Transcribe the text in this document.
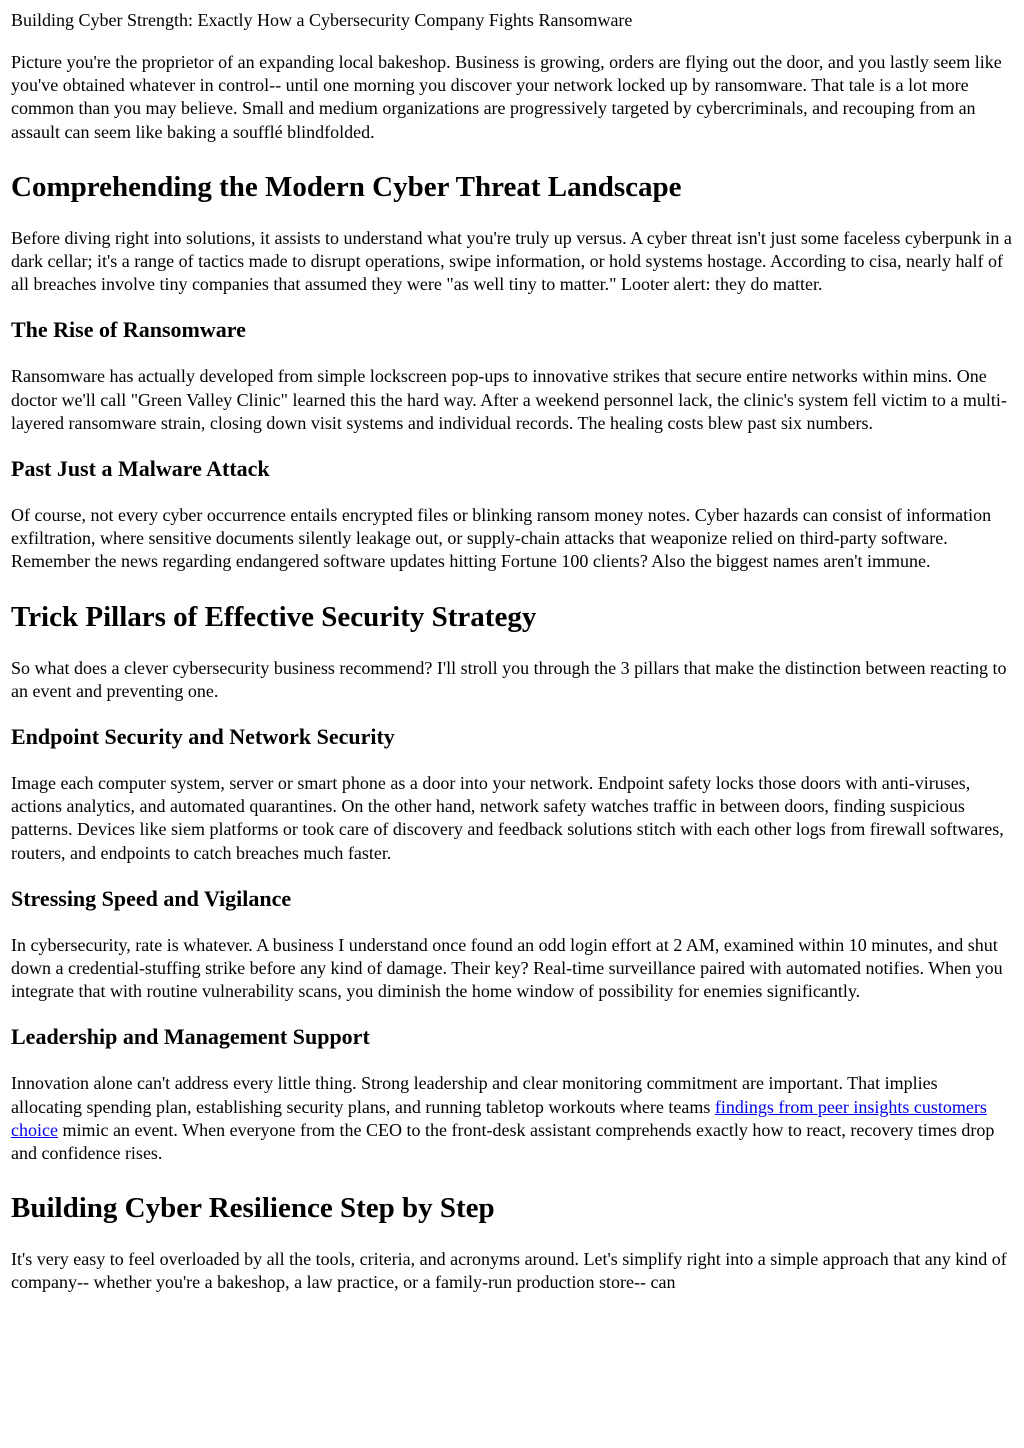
Building Cyber Strength: Exactly How a Cybersecurity Company Fights Ransomware

Picture you're the proprietor of an expanding local bakeshop. Business is growing, orders are flying out the door, and you lastly seem like you've obtained whatever in control-- until one morning you discover your network locked up by ransomware. That tale is a lot more common than you may believe. Small and medium organizations are progressively targeted by cybercriminals, and recouping from an assault can seem like baking a soufflé blindfolded.

Comprehending the Modern Cyber Threat Landscape

Before diving right into solutions, it assists to understand what you're truly up versus. A cyber threat isn't just some faceless cyberpunk in a dark cellar; it's a range of tactics made to disrupt operations, swipe information, or hold systems hostage. According to cisa, nearly half of all breaches involve tiny companies that assumed they were "as well tiny to matter." Looter alert: they do matter.

The Rise of Ransomware

Ransomware has actually developed from simple lockscreen pop-ups to innovative strikes that secure entire networks within mins. One doctor we'll call "Green Valley Clinic" learned this the hard way. After a weekend personnel lack, the clinic's system fell victim to a multi-layered ransomware strain, closing down visit systems and individual records. The healing costs blew past six numbers.

Past Just a Malware Attack

Of course, not every cyber occurrence entails encrypted files or blinking ransom money notes. Cyber hazards can consist of information exfiltration, where sensitive documents silently leakage out, or supply-chain attacks that weaponize relied on third-party software. Remember the news regarding endangered software updates hitting Fortune 100 clients? Also the biggest names aren't immune.

Trick Pillars of Effective Security Strategy

So what does a clever cybersecurity business recommend? I'll stroll you through the 3 pillars that make the distinction between reacting to an event and preventing one.

Endpoint Security and Network Security

Image each computer system, server or smart phone as a door into your network. Endpoint safety locks those doors with anti-viruses, actions analytics, and automated quarantines. On the other hand, network safety watches traffic in between doors, finding suspicious patterns. Devices like siem platforms or took care of discovery and feedback solutions stitch with each other logs from firewall softwares, routers, and endpoints to catch breaches much faster.

Stressing Speed and Vigilance

In cybersecurity, rate is whatever. A business I understand once found an odd login effort at 2 AM, examined within 10 minutes, and shut down a credential-stuffing strike before any kind of damage. Their key? Real-time surveillance paired with automated notifies. When you integrate that with routine vulnerability scans, you diminish the home window of possibility for enemies significantly.

Leadership and Management Support

Innovation alone can't address every little thing. Strong leadership and clear monitoring commitment are important. That implies allocating spending plan, establishing security plans, and running tabletop workouts where teams findings from peer insights customers choice mimic an event. When everyone from the CEO to the front-desk assistant comprehends exactly how to react, recovery times drop and confidence rises.

Building Cyber Resilience Step by Step

It's very easy to feel overloaded by all the tools, criteria, and acronyms around. Let's simplify right into a simple approach that any kind of company-- whether you're a bakeshop, a law practice, or a family-run production store-- can
